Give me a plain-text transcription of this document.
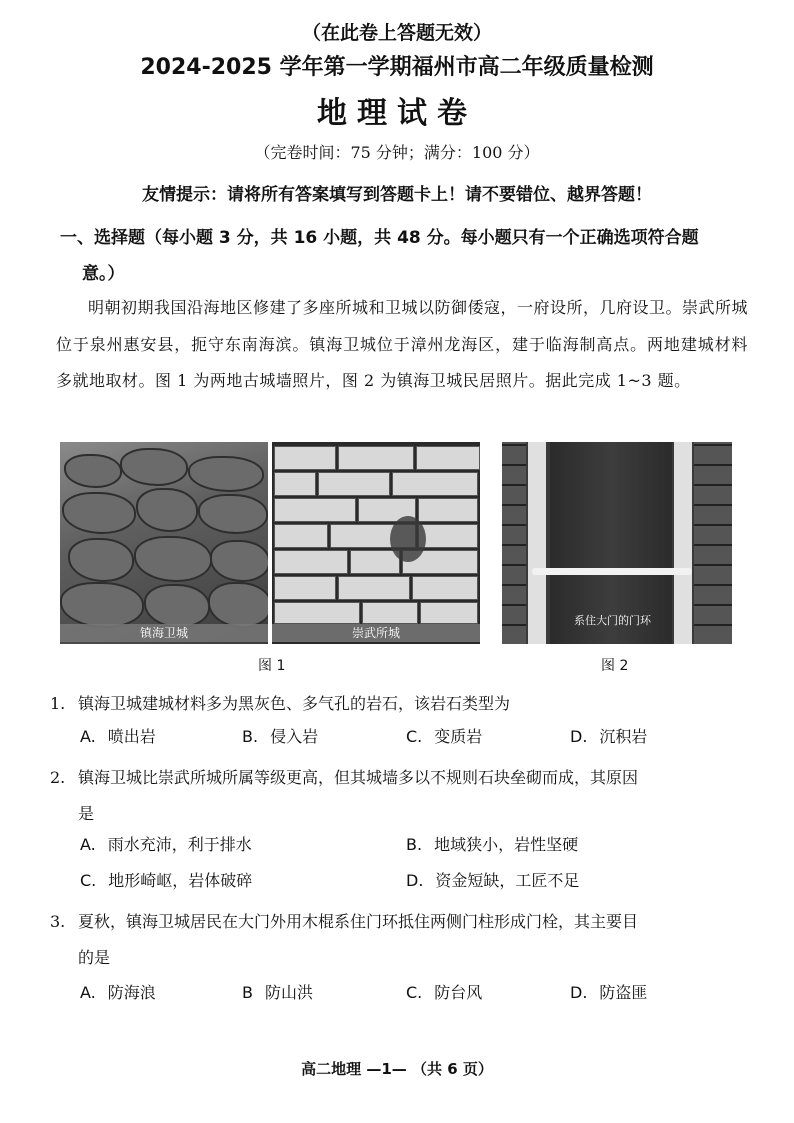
（在此卷上答题无效）
2024-2025 学年第一学期福州市高二年级质量检测
地理试卷
（完卷时间：75 分钟；满分：100 分）
友情提示：请将所有答案填写到答题卡上！请不要错位、越界答题！
一、选择题（每小题 3 分，共 16 小题，共 48 分。每小题只有一个正确选项符合题
意。）
明朝初期我国沿海地区修建了多座所城和卫城以防御倭寇，一府设所，几府设卫。崇武所城位于泉州惠安县，扼守东南海滨。镇海卫城位于漳州龙海区，建于临海制高点。两地建城材料多就地取材。图 1 为两地古城墙照片，图 2 为镇海卫城民居照片。据此完成 1~3 题。
镇海卫城	崇武所城
系住大门的门环
图 1	图 2
1. 镇海卫城建城材料多为黑灰色、多气孔的岩石，该岩石类型为
A. 喷出岩	B. 侵入岩	C. 变质岩	D. 沉积岩
2. 镇海卫城比崇武所城所属等级更高，但其城墙多以不规则石块垒砌而成，其原因
是
A. 雨水充沛，利于排水	B. 地域狭小，岩性坚硬
C. 地形崎岖，岩体破碎	D. 资金短缺，工匠不足
3. 夏秋，镇海卫城居民在大门外用木棍系住门环抵住两侧门柱形成门栓，其主要目
的是
A. 防海浪	B 防山洪	C. 防台风	D. 防盗匪
高二地理 —1— （共 6 页）
